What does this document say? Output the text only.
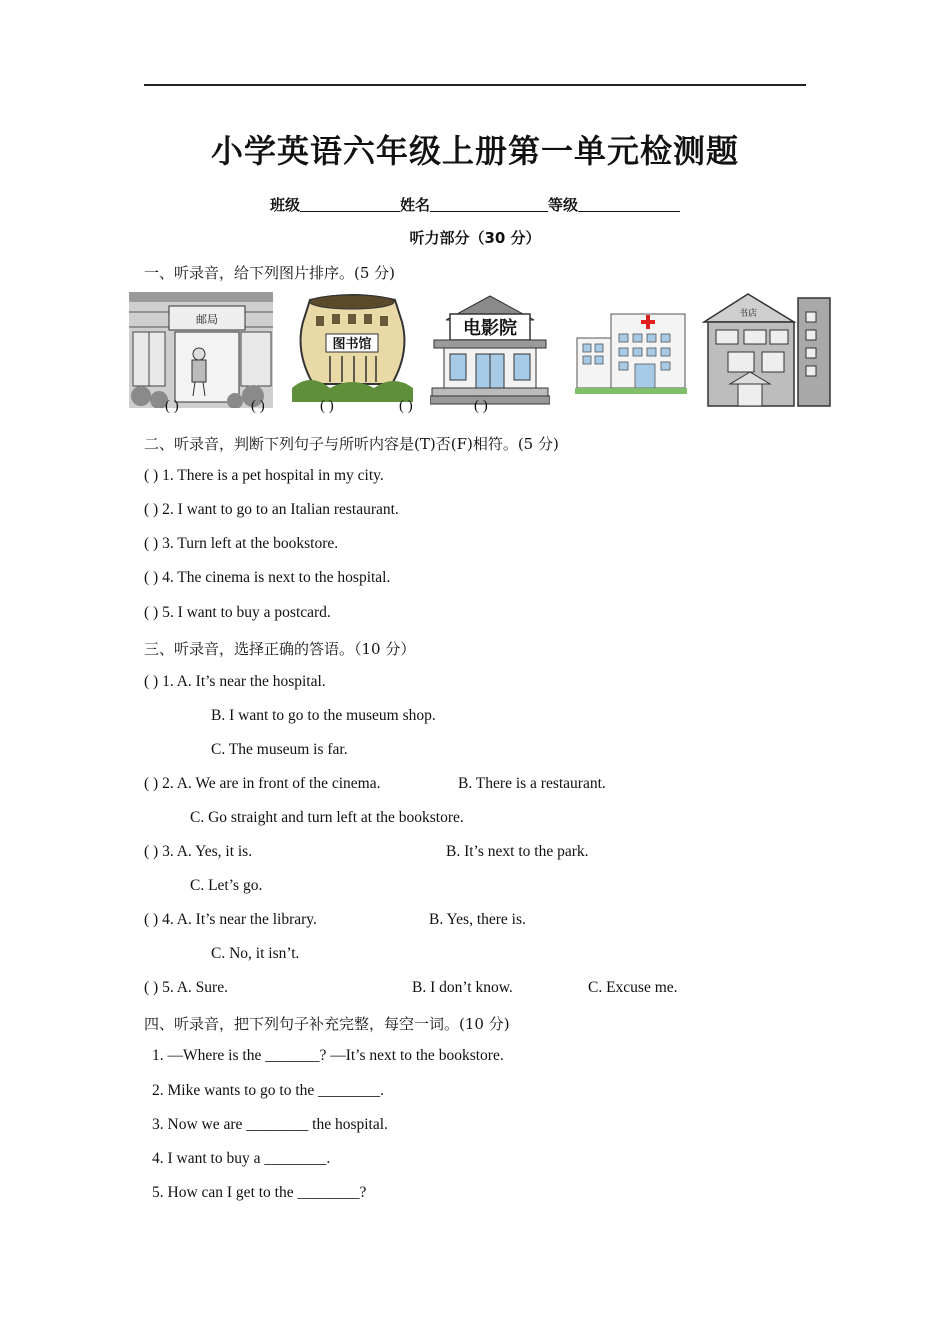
小学英语六年级上册第一单元检测题
班级	姓名	等级
听力部分（30 分）
一、听录音，给下列图片排序。(5 分)
邮局
图书馆
电影院
书店
( )	( )	( )	( )	( )
二、听录音，判断下列句子与所听内容是(T)否(F)相符。(5 分)
( ) 1. There is a pet hospital in my city.
( ) 2. I want to go to an Italian restaurant.
( ) 3. Turn left at the bookstore.
( ) 4. The cinema is next to the hospital.
( ) 5. I want to buy a postcard.
三、听录音，选择正确的答语。（10 分）
( ) 1. A. It’s near the hospital.
B. I want to go to the museum shop.
C. The museum is far.
( ) 2. A. We are in front of the cinema.	B. There is a restaurant.
C. Go straight and turn left at the bookstore.
( ) 3. A. Yes, it is.	B. It’s next to the park.
C. Let’s go.
( ) 4. A. It’s near the library.	B. Yes, there is.
C. No, it isn’t.
( ) 5. A. Sure.	B. I don’t know.	C. Excuse me.
四、听录音，把下列句子补充完整，每空一词。(10 分)
1. —Where is the _______? —It’s next to the bookstore.
2. Mike wants to go to the ________.
3. Now we are ________ the hospital.
4. I want to buy a ________.
5. How can I get to the ________?
